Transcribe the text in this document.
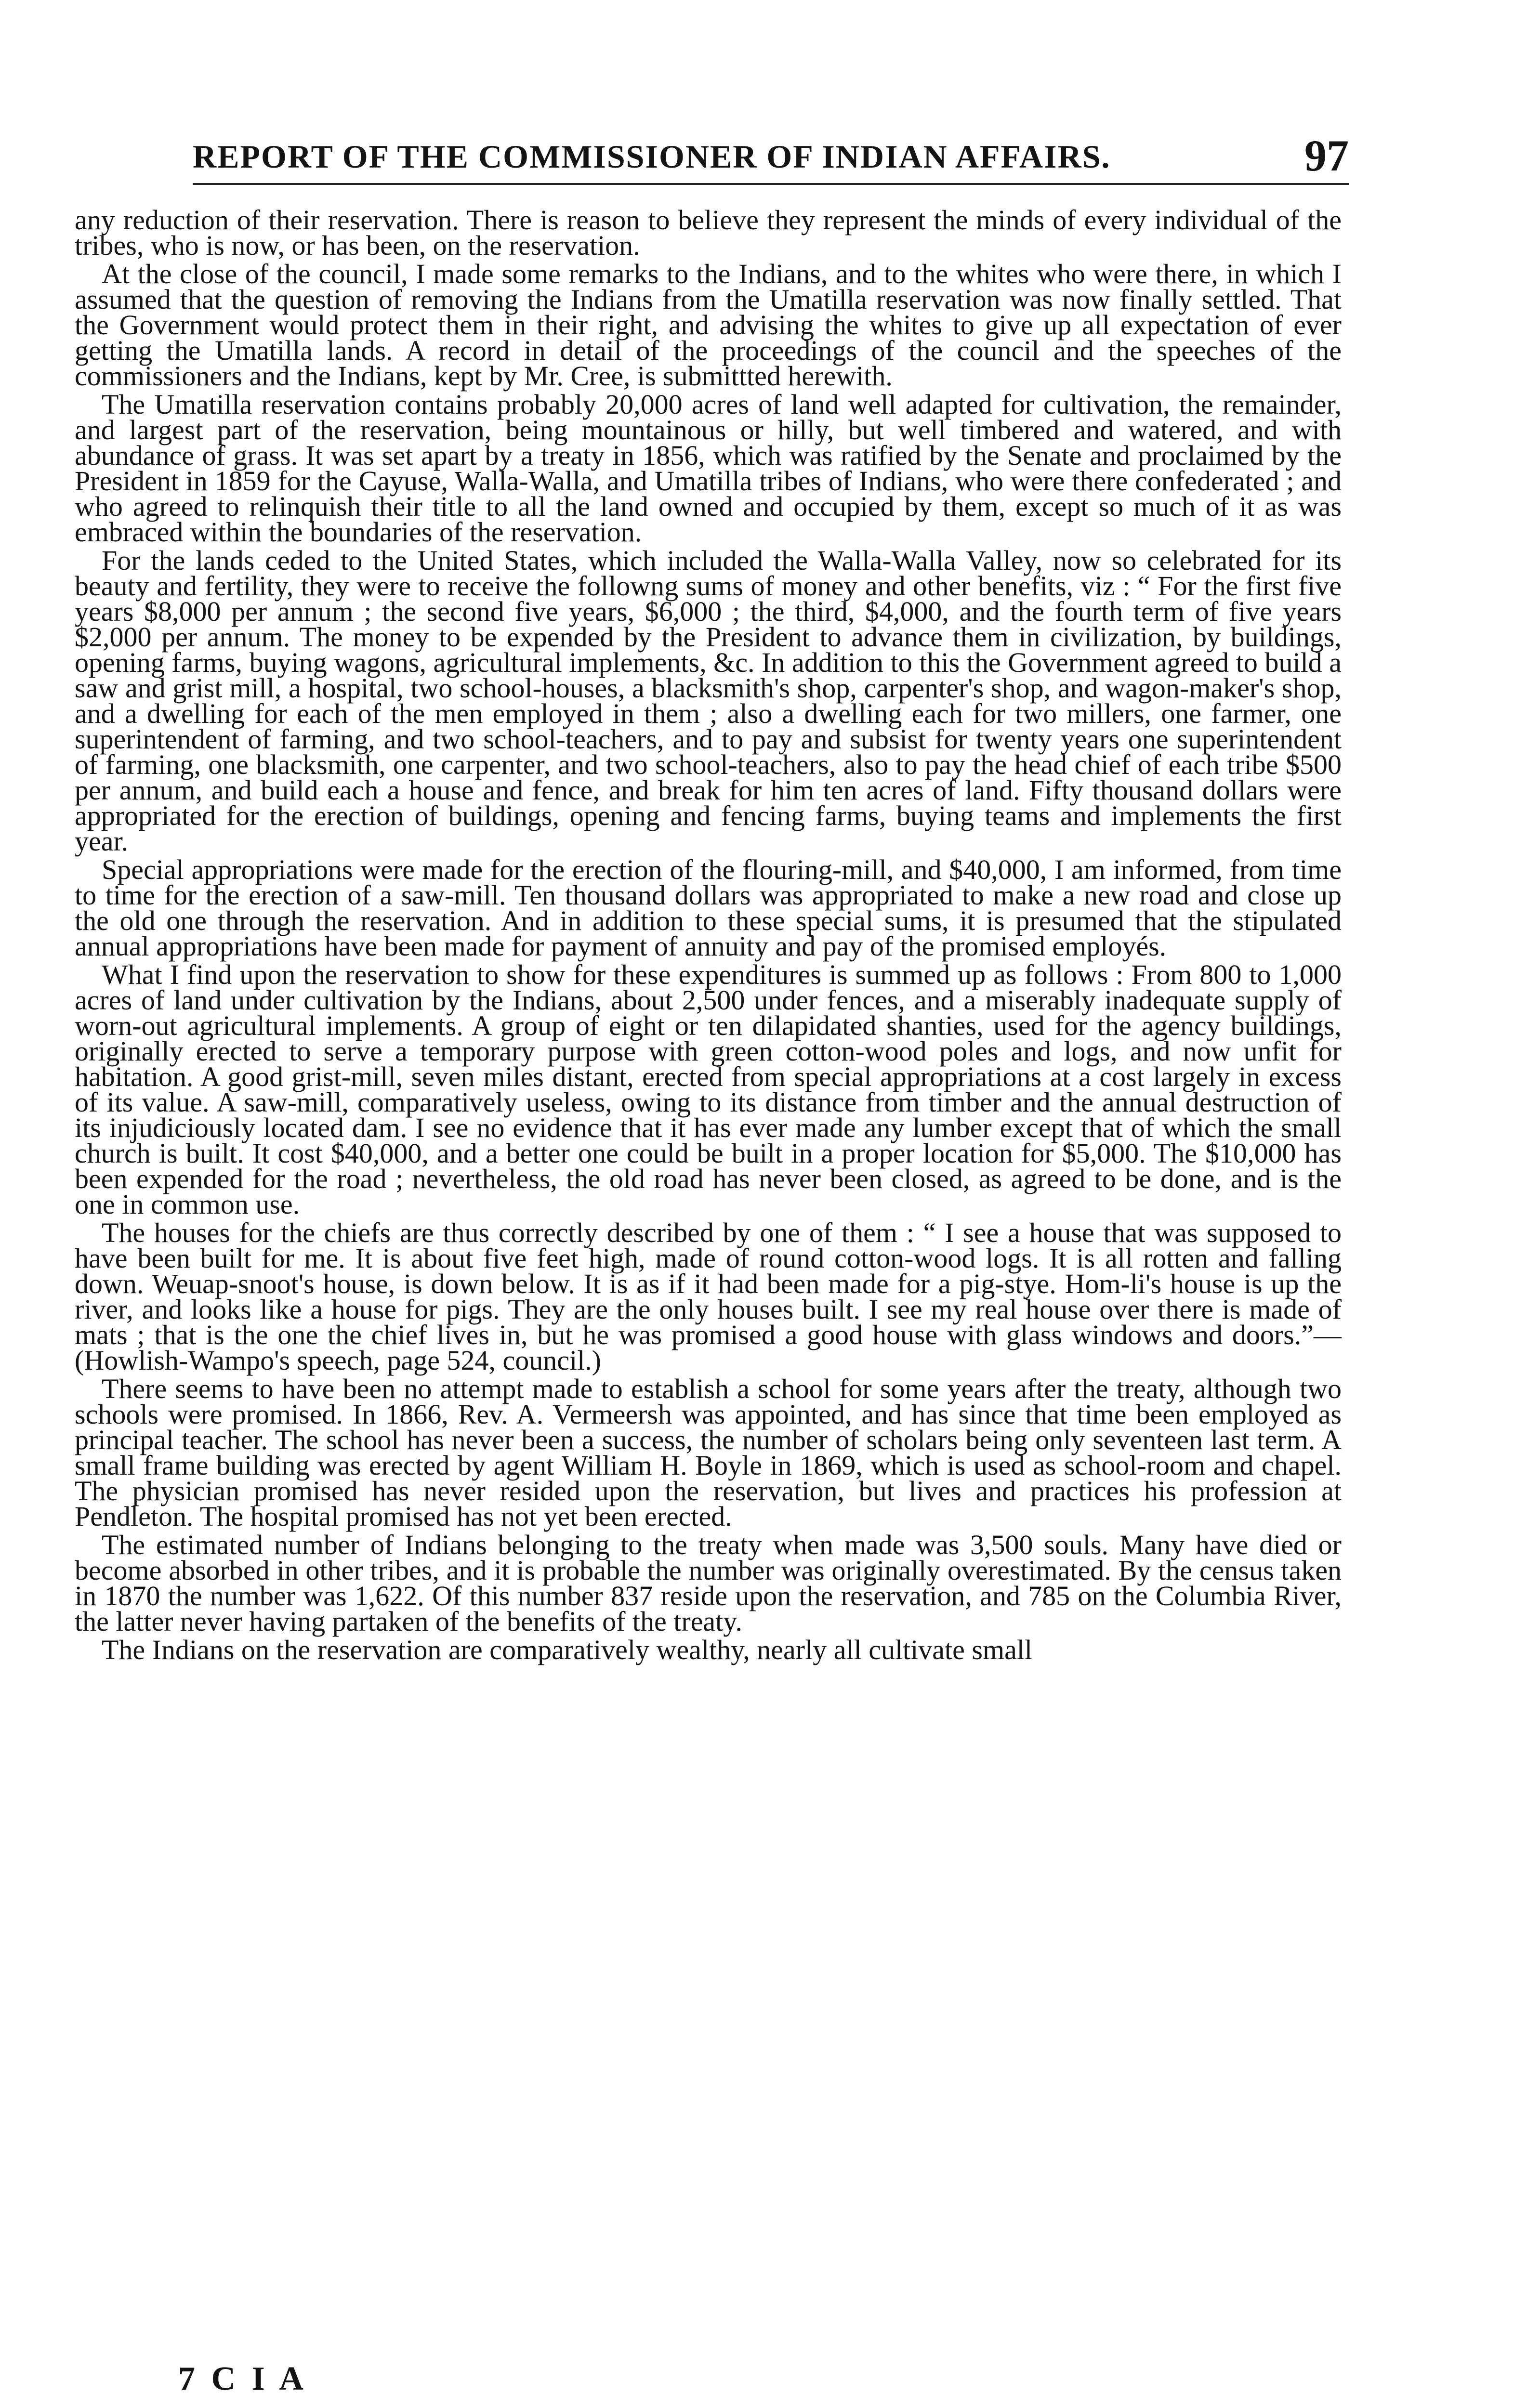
REPORT OF THE COMMISSIONER OF INDIAN AFFAIRS.	97

any reduction of their reservation. There is reason to believe they represent the minds of every individual of the tribes, who is now, or has been, on the reservation.

At the close of the council, I made some remarks to the Indians, and to the whites who were there, in which I assumed that the question of removing the Indians from the Umatilla reservation was now finally settled. That the Government would protect them in their right, and advising the whites to give up all expectation of ever getting the Umatilla lands. A record in detail of the proceedings of the council and the speeches of the commissioners and the Indians, kept by Mr. Cree, is submittted herewith.

The Umatilla reservation contains probably 20,000 acres of land well adapted for cultivation, the remainder, and largest part of the reservation, being mountainous or hilly, but well timbered and watered, and with abundance of grass. It was set apart by a treaty in 1856, which was ratified by the Senate and proclaimed by the President in 1859 for the Cayuse, Walla-Walla, and Umatilla tribes of Indians, who were there confederated ; and who agreed to relinquish their title to all the land owned and occupied by them, except so much of it as was embraced within the boundaries of the reservation.

For the lands ceded to the United States, which included the Walla-Walla Valley, now so celebrated for its beauty and fertility, they were to receive the followng sums of money and other benefits, viz : “ For the first five years $8,000 per annum ; the second five years, $6,000 ; the third, $4,000, and the fourth term of five years $2,000 per annum. The money to be expended by the President to advance them in civilization, by buildings, opening farms, buying wagons, agricultural implements, &c. In addition to this the Government agreed to build a saw and grist mill, a hospital, two school-houses, a blacksmith's shop, carpenter's shop, and wagon-maker's shop, and a dwelling for each of the men employed in them ; also a dwelling each for two millers, one farmer, one superintendent of farming, and two school-teachers, and to pay and subsist for twenty years one superintendent of farming, one blacksmith, one carpenter, and two school-teachers, also to pay the head chief of each tribe $500 per annum, and build each a house and fence, and break for him ten acres of land. Fifty thousand dollars were appropriated for the erection of buildings, opening and fencing farms, buying teams and implements the first year.

Special appropriations were made for the erection of the flouring-mill, and $40,000, I am informed, from time to time for the erection of a saw-mill. Ten thousand dollars was appropriated to make a new road and close up the old one through the reservation. And in addition to these special sums, it is presumed that the stipulated annual appropriations have been made for payment of annuity and pay of the promised employés.

What I find upon the reservation to show for these expenditures is summed up as follows : From 800 to 1,000 acres of land under cultivation by the Indians, about 2,500 under fences, and a miserably inadequate supply of worn-out agricultural implements. A group of eight or ten dilapidated shanties, used for the agency buildings, originally erected to serve a temporary purpose with green cotton-wood poles and logs, and now unfit for habitation. A good grist-mill, seven miles distant, erected from special appropriations at a cost largely in excess of its value. A saw-mill, comparatively useless, owing to its distance from timber and the annual destruction of its injudiciously located dam. I see no evidence that it has ever made any lumber except that of which the small church is built. It cost $40,000, and a better one could be built in a proper location for $5,000. The $10,000 has been expended for the road ; nevertheless, the old road has never been closed, as agreed to be done, and is the one in common use.

The houses for the chiefs are thus correctly described by one of them : “ I see a house that was supposed to have been built for me. It is about five feet high, made of round cotton-wood logs. It is all rotten and falling down. Weuap-snoot's house, is down below. It is as if it had been made for a pig-stye. Hom-li's house is up the river, and looks like a house for pigs. They are the only houses built. I see my real house over there is made of mats ; that is the one the chief lives in, but he was promised a good house with glass windows and doors.”—(Howlish-Wampo's speech, page 524, council.)

There seems to have been no attempt made to establish a school for some years after the treaty, although two schools were promised. In 1866, Rev. A. Vermeersh was appointed, and has since that time been employed as principal teacher. The school has never been a success, the number of scholars being only seventeen last term. A small frame building was erected by agent William H. Boyle in 1869, which is used as school-room and chapel. The physician promised has never resided upon the reservation, but lives and practices his profession at Pendleton. The hospital promised has not yet been erected.

The estimated number of Indians belonging to the treaty when made was 3,500 souls. Many have died or become absorbed in other tribes, and it is probable the number was originally overestimated. By the census taken in 1870 the number was 1,622. Of this number 837 reside upon the reservation, and 785 on the Columbia River, the latter never having partaken of the benefits of the treaty.

The Indians on the reservation are comparatively wealthy, nearly all cultivate small

7 C I A
